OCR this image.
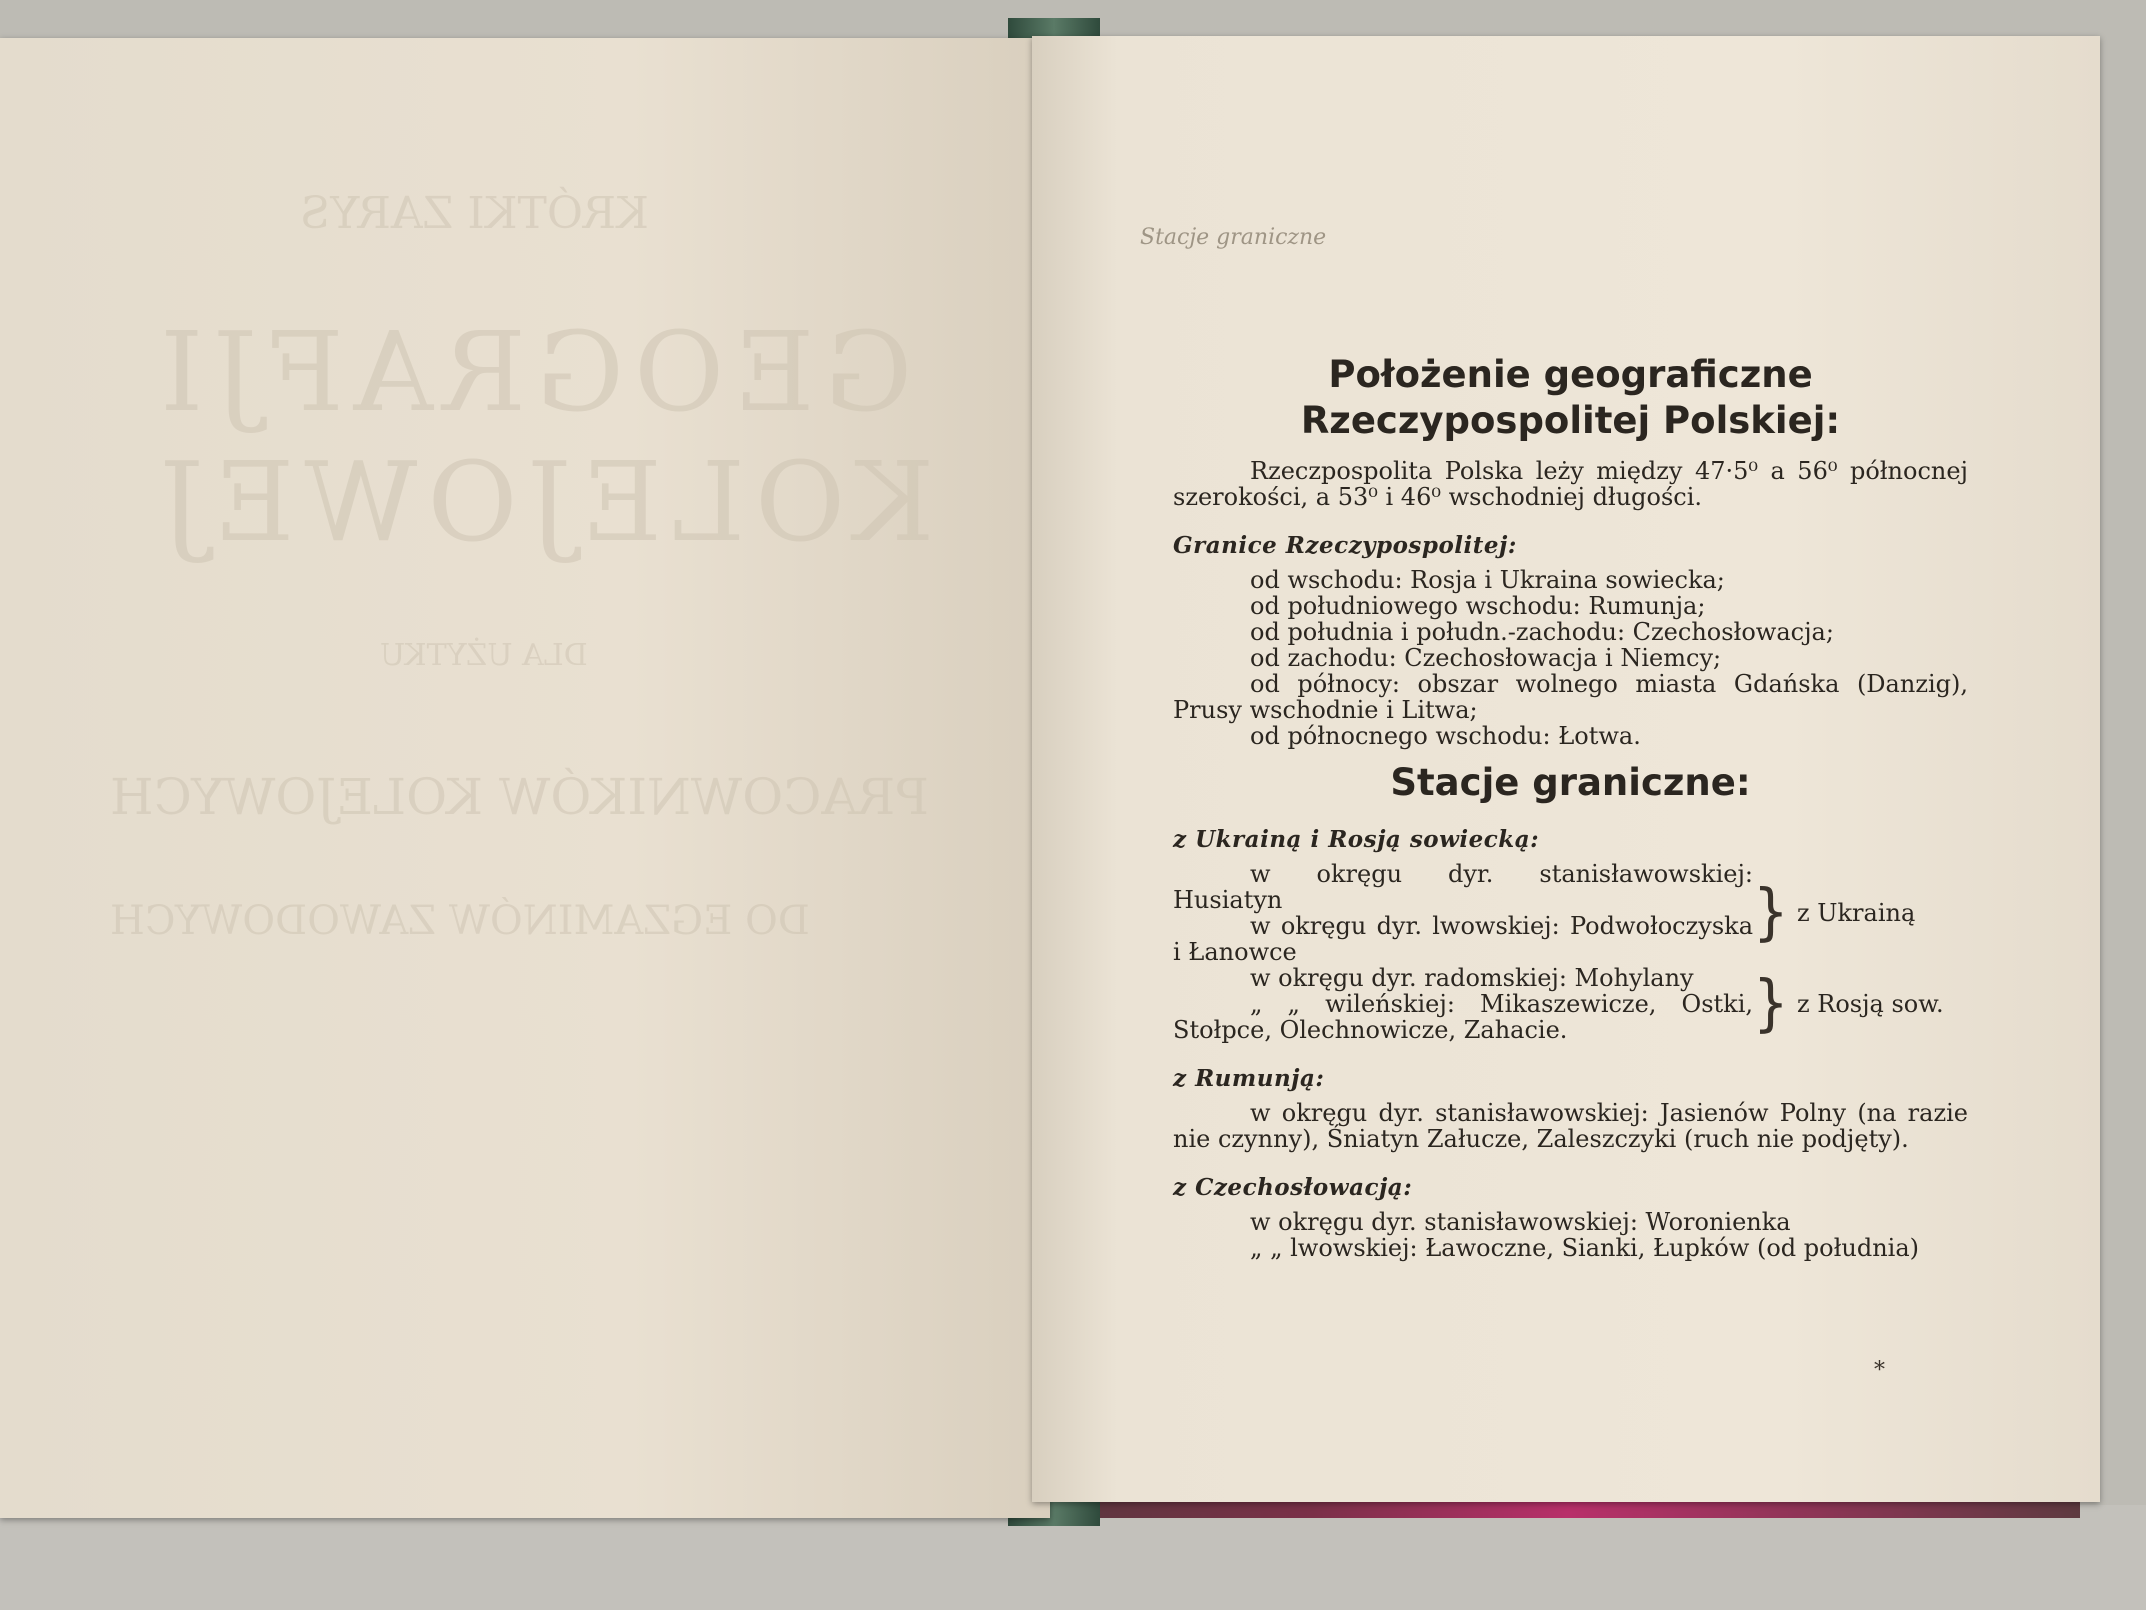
KRÓTKI ZARYS
GEOGRAFJI
KOLEJOWEJ
DLA UŻYTKU
PRACOWNIKÓW KOLEJOWYCH
DO EGZAMINÓW ZAWODOWYCH
Stacje graniczne
Położenie geograficzne Rzeczypospolitej Polskiej:
Rzeczpospolita Polska leży między 47·5⁰ a 56⁰ północnej szerokości, a 53⁰ i 46⁰ wschodniej długości.
Granice Rzeczypospolitej:
od wschodu: Rosja i Ukraina sowiecka;
od południowego wschodu: Rumunja;
od południa i połudn.-zachodu: Czechosłowacja;
od zachodu: Czechosłowacja i Niemcy;
od północy: obszar wolnego miasta Gdańska (Danzig), Prusy wschodnie i Litwa;
od północnego wschodu: Łotwa.
Stacje graniczne:
z Ukrainą i Rosją sowiecką:
w okręgu dyr. stanisławowskiej: Husiatyn
w okręgu dyr. lwowskiej: Podwołoczyska i Łanowce
} z Ukrainą
w okręgu dyr. radomskiej: Mohylany
„ „ wileńskiej: Mikaszewicze, Ostki, Stołpce, Olechnowicze, Zahacie.	} z Rosją sow.
z Rumunją:
w okręgu dyr. stanisławowskiej: Jasienów Polny (na razie nie czynny), Śniatyn Załucze, Zaleszczyki (ruch nie podjęty).
z Czechosłowacją:
w okręgu dyr. stanisławowskiej: Woronienka
„ „ lwowskiej: Ławoczne, Sianki, Łupków (od południa)
*
